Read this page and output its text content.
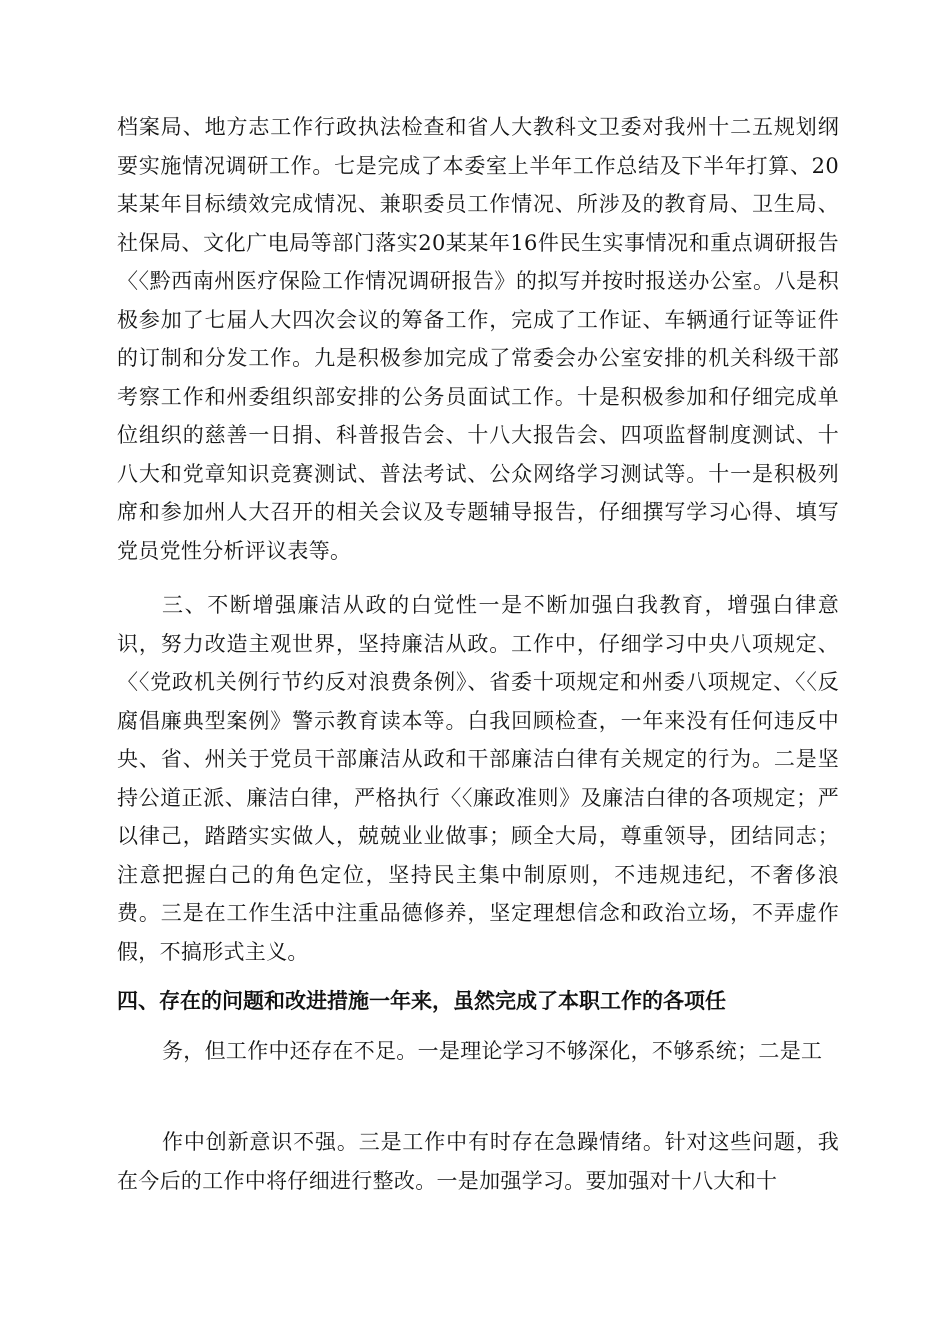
档案局、地方志工作行政执法检查和省人大教科文卫委对我州十二五规划纲要实施情况调研工作。七是完成了本委室上半年工作总结及下半年打算、20某某年目标绩效完成情况、兼职委员工作情况、所涉及的教育局、卫生局、社保局、文化广电局等部门落实20某某年16件民生实事情况和重点调研报告〈〈黔西南州医疗保险工作情况调研报告》的拟写并按时报送办公室。八是积极参加了七届人大四次会议的筹备工作，完成了工作证、车辆通行证等证件的订制和分发工作。九是积极参加完成了常委会办公室安排的机关科级干部考察工作和州委组织部安排的公务员面试工作。十是积极参加和仔细完成单位组织的慈善一日捐、科普报告会、十八大报告会、四项监督制度测试、十八大和党章知识竞赛测试、普法考试、公众网络学习测试等。十一是积极列席和参加州人大召开的相关会议及专题辅导报告，仔细撰写学习心得、填写党员党性分析评议表等。
三、不断增强廉洁从政的白觉性一是不断加强白我教育，增强白律意识，努力改造主观世界，坚持廉洁从政。工作中，仔细学习中央八项规定、〈〈党政机关例行节约反对浪费条例》、省委十项规定和州委八项规定、〈〈反腐倡廉典型案例》警示教育读本等。白我回顾检查，一年来没有任何违反中央、省、州关于党员干部廉洁从政和干部廉洁白律有关规定的行为。二是坚持公道正派、廉洁白律，严格执行〈〈廉政准则》及廉洁白律的各项规定；严以律己，踏踏实实做人，兢兢业业做事；顾全大局，尊重领导，团结同志；注意把握白己的角色定位，坚持民主集中制原则，不违规违纪，不奢侈浪费。三是在工作生活中注重品德修养，坚定理想信念和政治立场，不弄虚作假，不搞形式主义。
四、存在的问题和改进措施一年来，虽然完成了本职工作的各项任
务，但工作中还存在不足。一是理论学习不够深化，不够系统；二是工
作中创新意识不强。三是工作中有时存在急躁情绪。针对这些问题，我在今后的工作中将仔细进行整改。一是加强学习。要加强对十八大和十
